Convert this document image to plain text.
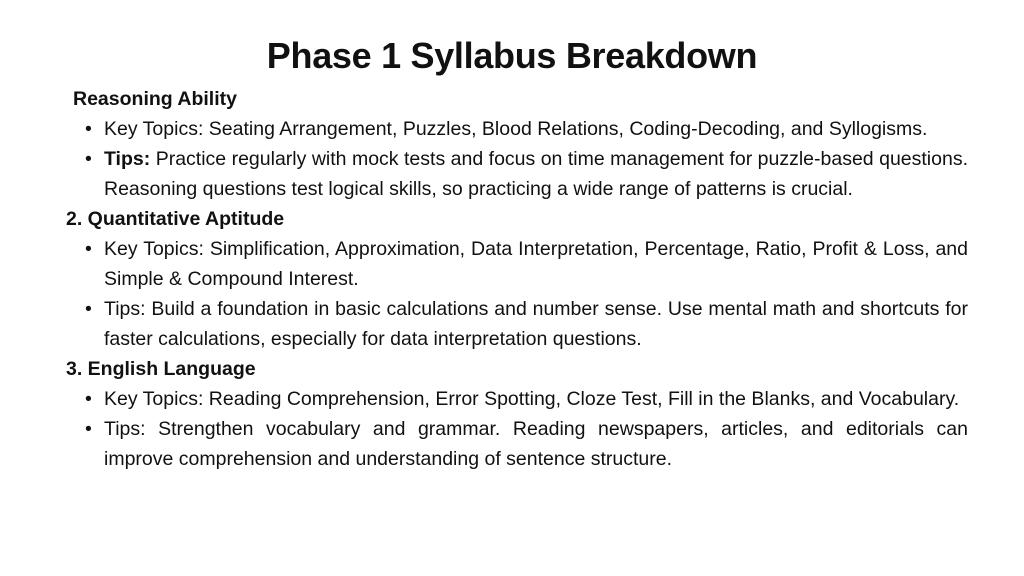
Phase 1 Syllabus Breakdown
Reasoning Ability
• Key Topics: Seating Arrangement, Puzzles, Blood Relations, Coding-Decoding, and Syllogisms.
• Tips: Practice regularly with mock tests and focus on time management for puzzle-based questions. Reasoning questions test logical skills, so practicing a wide range of patterns is crucial.
2. Quantitative Aptitude
• Key Topics: Simplification, Approximation, Data Interpretation, Percentage, Ratio, Profit & Loss, and Simple & Compound Interest.
• Tips: Build a foundation in basic calculations and number sense. Use mental math and shortcuts for faster calculations, especially for data interpretation questions.
3. English Language
• Key Topics: Reading Comprehension, Error Spotting, Cloze Test, Fill in the Blanks, and Vocabulary.
• Tips: Strengthen vocabulary and grammar. Reading newspapers, articles, and editorials can improve comprehension and understanding of sentence structure.
